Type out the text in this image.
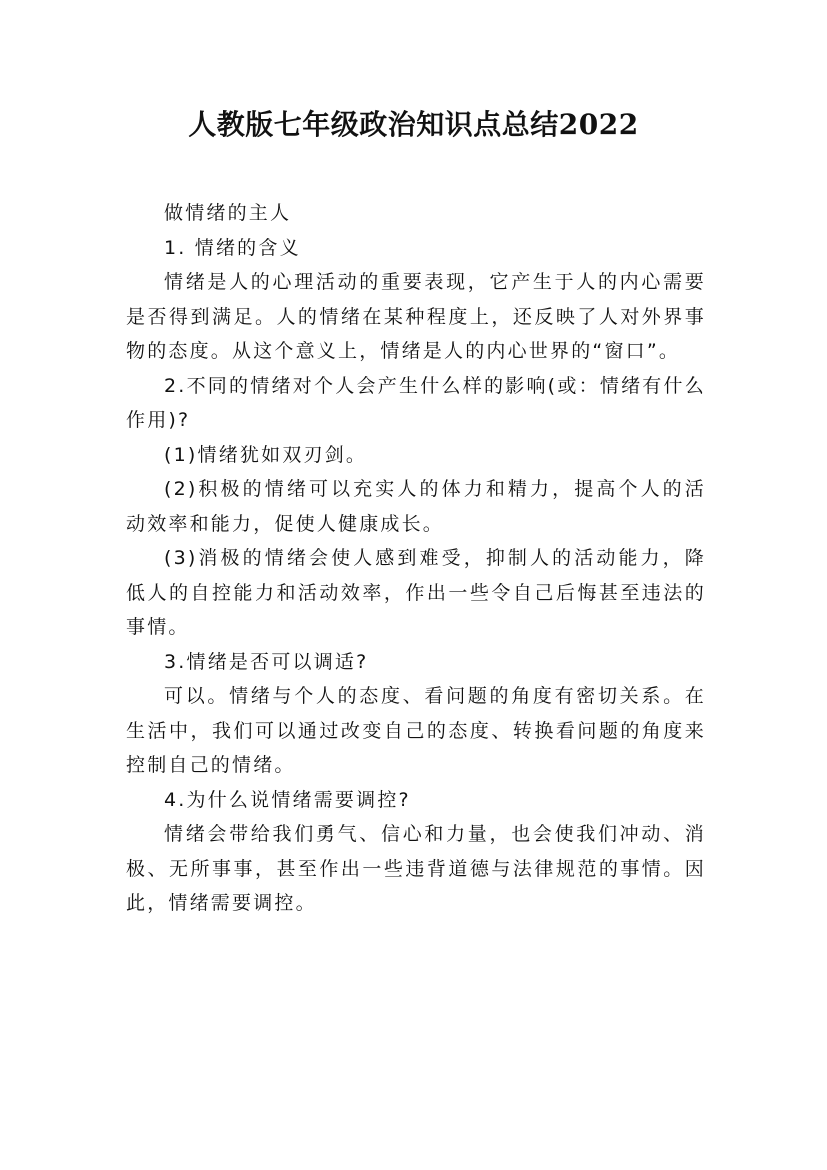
人教版七年级政治知识点总结2022

做情绪的主人

1. 情绪的含义

情绪是人的心理活动的重要表现，它产生于人的内心需要是否得到满足。人的情绪在某种程度上，还反映了人对外界事物的态度。从这个意义上，情绪是人的内心世界的“窗口”。

2.不同的情绪对个人会产生什么样的影响(或：情绪有什么作用)?

(1)情绪犹如双刃剑。

(2)积极的情绪可以充实人的体力和精力，提高个人的活动效率和能力，促使人健康成长。

(3)消极的情绪会使人感到难受，抑制人的活动能力，降低人的自控能力和活动效率，作出一些令自己后悔甚至违法的事情。

3.情绪是否可以调适?

可以。情绪与个人的态度、看问题的角度有密切关系。在生活中，我们可以通过改变自己的态度、转换看问题的角度来控制自己的情绪。

4.为什么说情绪需要调控?

情绪会带给我们勇气、信心和力量，也会使我们冲动、消极、无所事事，甚至作出一些违背道德与法律规范的事情。因此，情绪需要调控。
